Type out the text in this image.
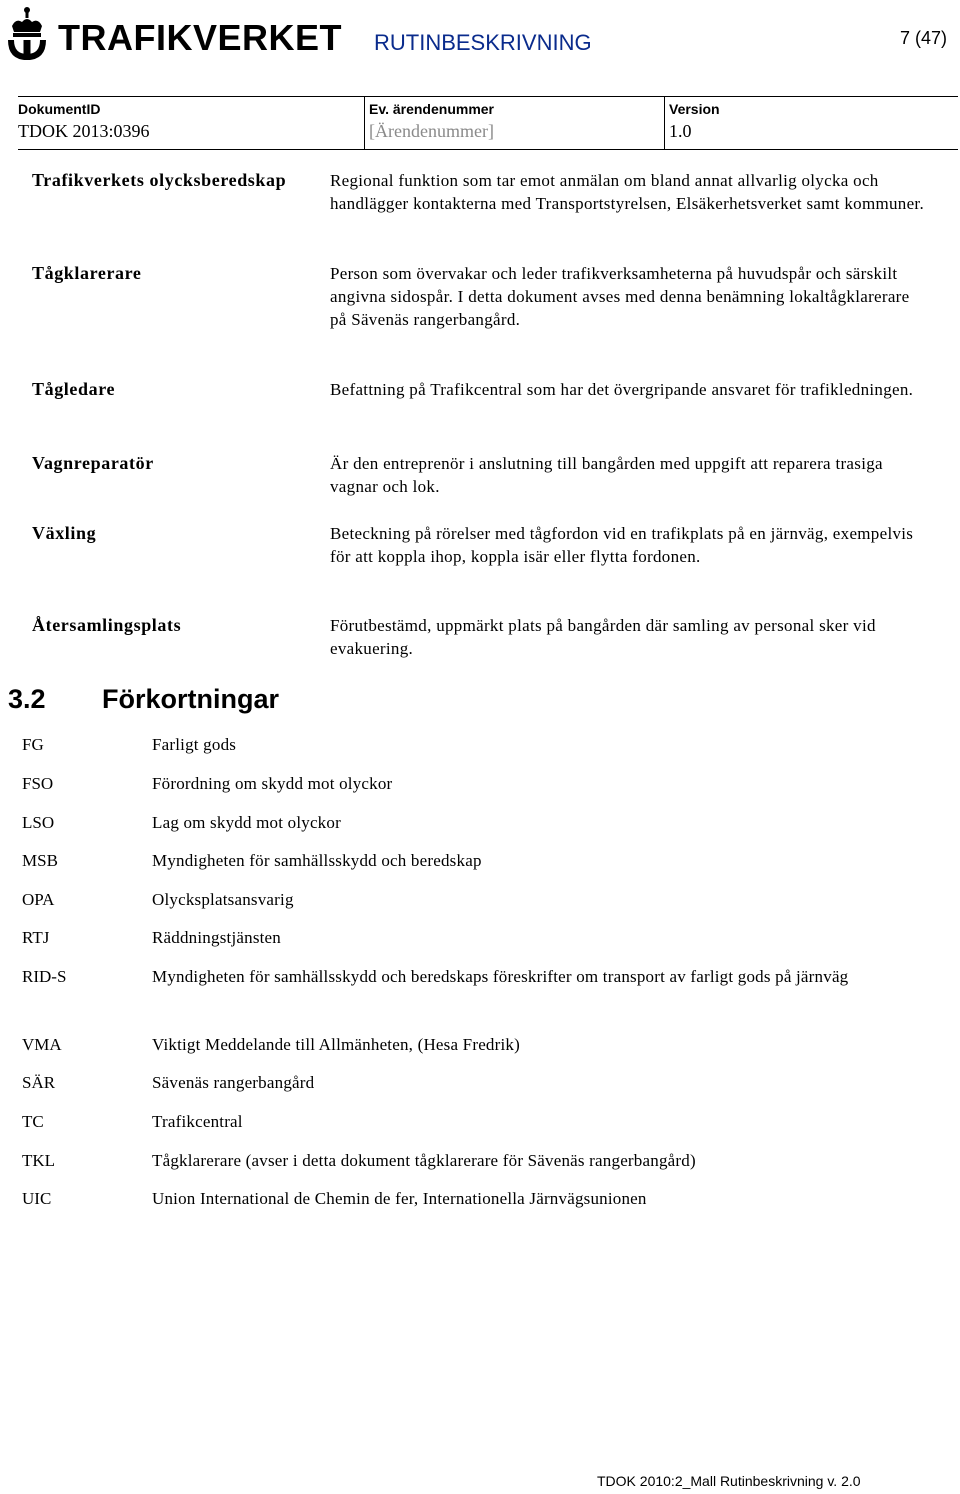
TRAFIKVERKET RUTINBESKRIVNING	7 (47)
DokumentID
TDOK 2013:0396
Ev. ärendenummer
[Ärendenummer]
Version
1.0
Trafikverkets olycksberedskap	Regional funktion som tar emot anmälan om bland annat allvarlig olycka och handlägger kontakterna med Transportstyrelsen, Elsäkerhetsverket samt kommuner.
Tågklarerare	Person som övervakar och leder trafikverksamheterna på huvudspår och särskilt angivna sidospår. I detta dokument avses med denna benämning lokaltågklarerare på Sävenäs rangerbangård.
Tågledare	Befattning på Trafikcentral som har det övergripande ansvaret för trafikledningen.
Vagnreparatör	Är den entreprenör i anslutning till bangården med uppgift att reparera trasiga vagnar och lok.
Växling	Beteckning på rörelser med tågfordon vid en trafikplats på en järnväg, exempelvis för att koppla ihop, koppla isär eller flytta fordonen.
Återsamlingsplats	Förutbestämd, uppmärkt plats på bangården där samling av personal sker vid evakuering.
3.2 Förkortningar
FG	Farligt gods
FSO	Förordning om skydd mot olyckor
LSO	Lag om skydd mot olyckor
MSB	Myndigheten för samhällsskydd och beredskap
OPA	Olycksplatsansvarig
RTJ	Räddningstjänsten
RID-S	Myndigheten för samhällsskydd och beredskaps föreskrifter om transport av farligt gods på järnväg
VMA	Viktigt Meddelande till Allmänheten, (Hesa Fredrik)
SÄR	Sävenäs rangerbangård
TC	Trafikcentral
TKL	Tågklarerare (avser i detta dokument tågklarerare för Sävenäs rangerbangård)
UIC	Union International de Chemin de fer, Internationella Järnvägsunionen
TDOK 2010:2_Mall Rutinbeskrivning v. 2.0
